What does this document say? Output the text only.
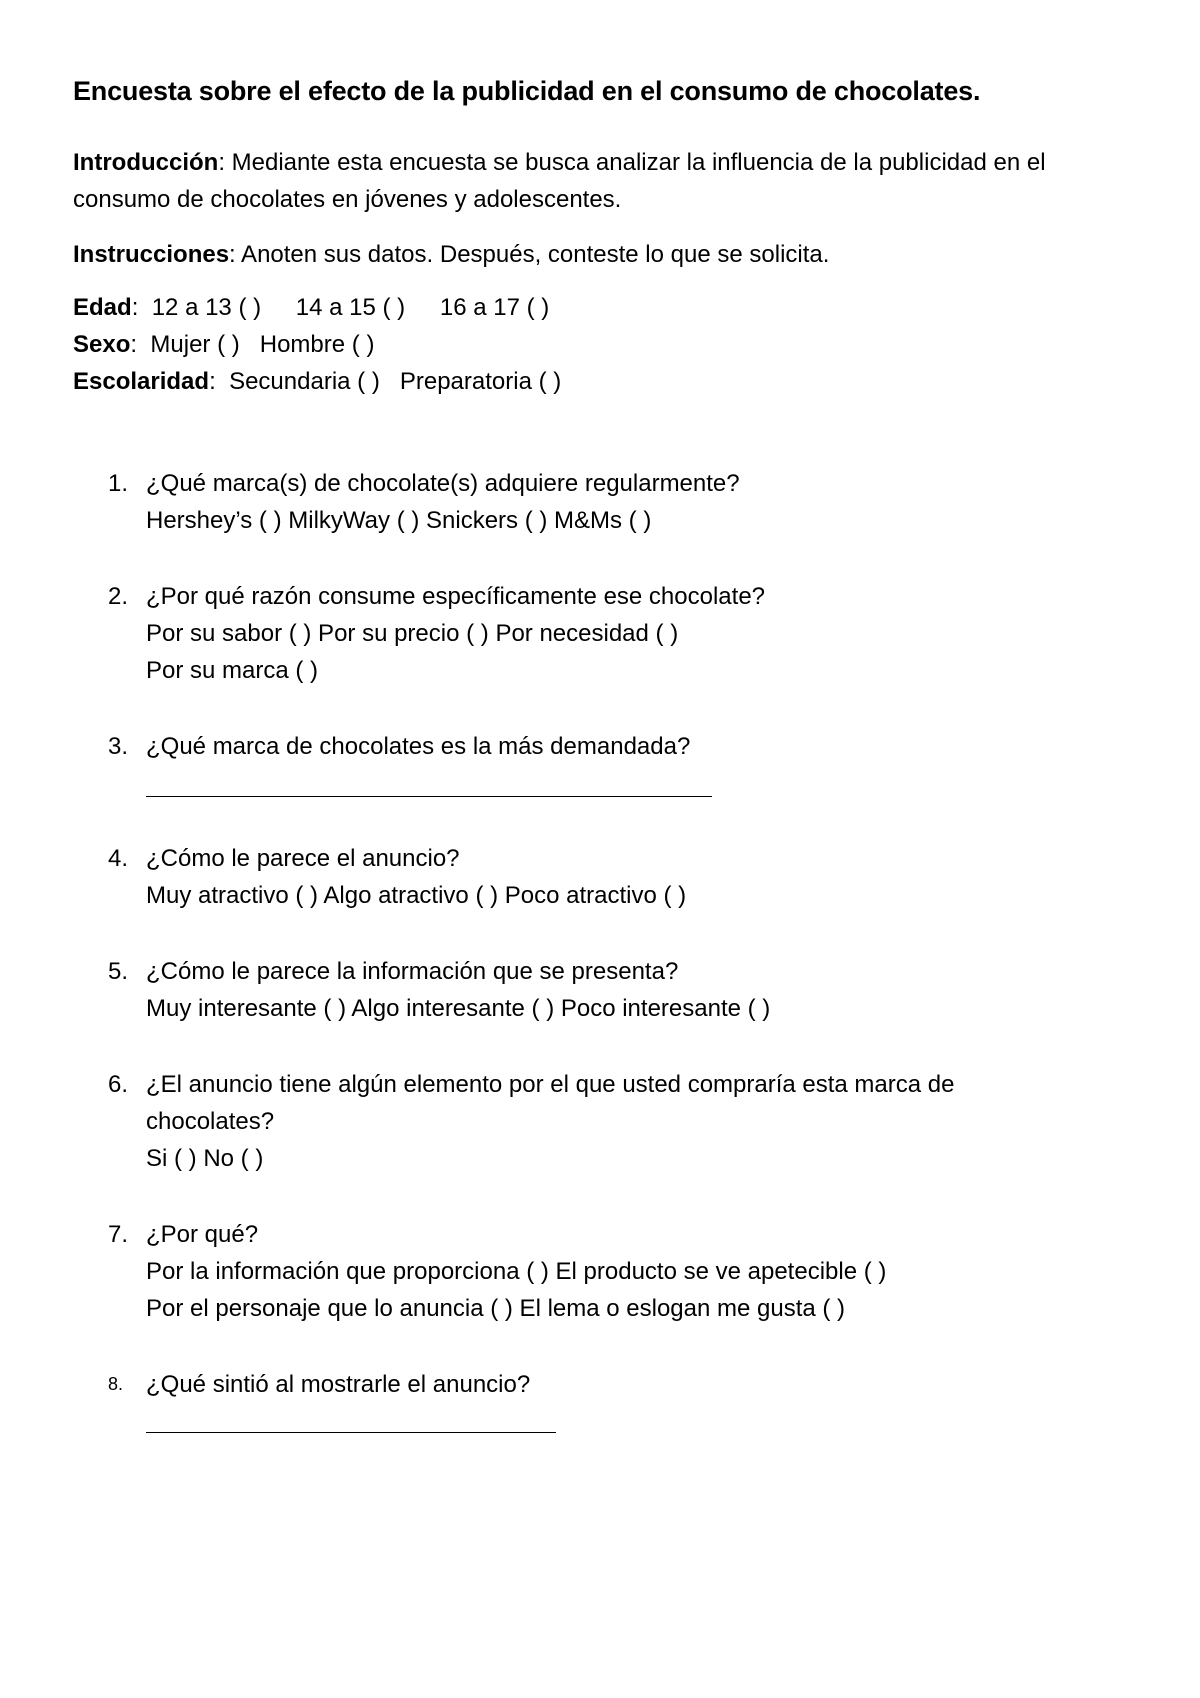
Encuesta sobre el efecto de la publicidad en el consumo de chocolates.
Introducción: Mediante esta encuesta se busca analizar la influencia de la publicidad en el consumo de chocolates en jóvenes y adolescentes.
Instrucciones: Anoten sus datos. Después, conteste lo que se solicita.
Edad:  12 a 13 ( ) 14 a 15 ( ) 16 a 17 ( )
Sexo:  Mujer ( ) Hombre ( )
Escolaridad:  Secundaria ( ) Preparatoria ( )
1. ¿Qué marca(s) de chocolate(s) adquiere regularmente?
Hershey’s ( ) MilkyWay ( ) Snickers ( ) M&Ms ( )
2. ¿Por qué razón consume específicamente ese chocolate?
Por su sabor ( ) Por su precio ( ) Por necesidad ( )
Por su marca ( )
3. ¿Qué marca de chocolates es la más demandada?
4. ¿Cómo le parece el anuncio?
Muy atractivo ( ) Algo atractivo ( ) Poco atractivo ( )
5. ¿Cómo le parece la información que se presenta?
Muy interesante ( ) Algo interesante ( ) Poco interesante ( )
6. ¿El anuncio tiene algún elemento por el que usted compraría esta marca de chocolates?
Si ( ) No ( )
7. ¿Por qué?
Por la información que proporciona ( ) El producto se ve apetecible ( )
Por el personaje que lo anuncia ( ) El lema o eslogan me gusta ( )
8. ¿Qué sintió al mostrarle el anuncio?
